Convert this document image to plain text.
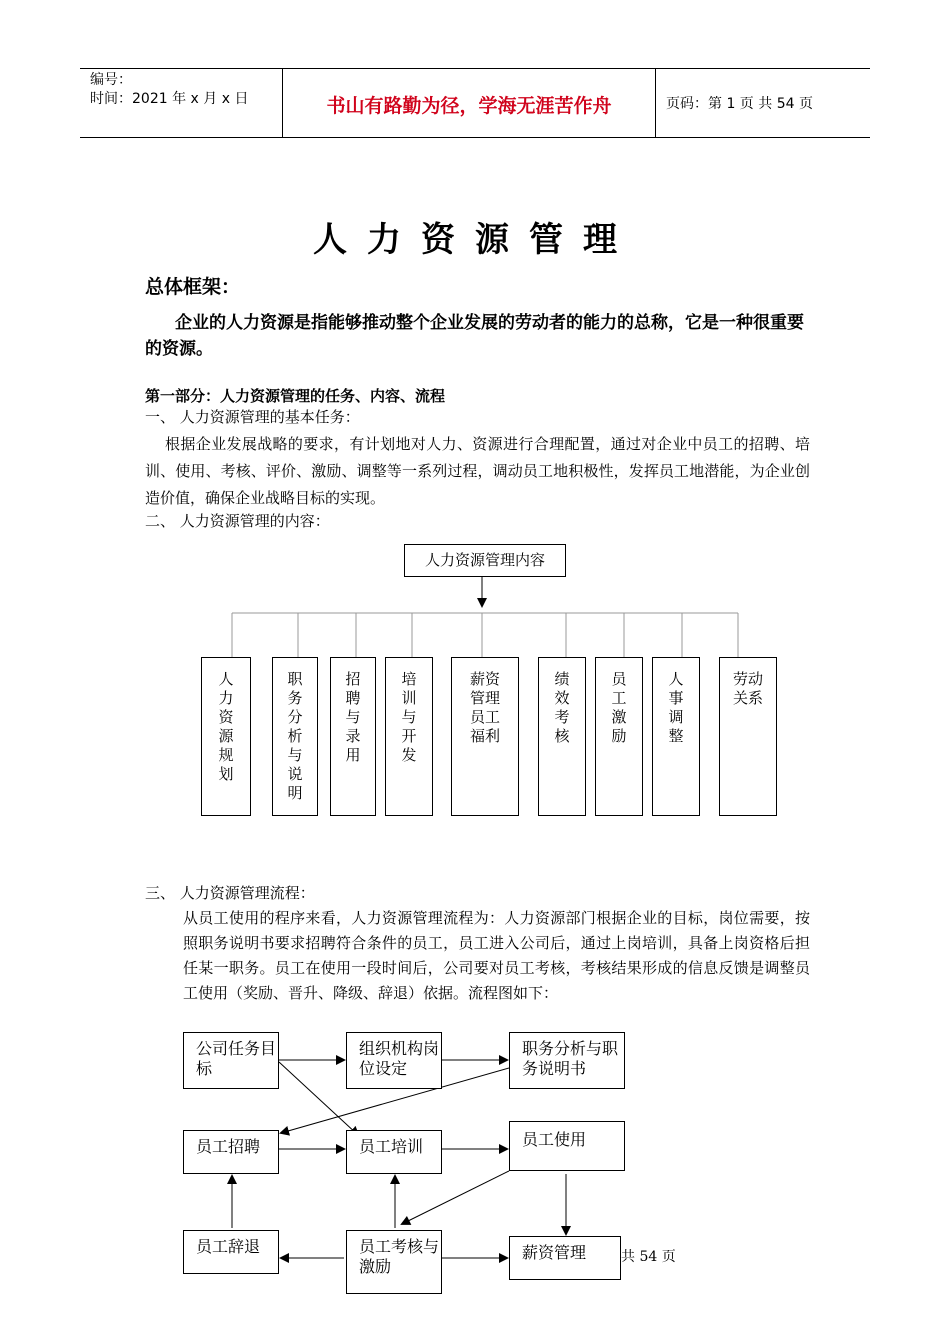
编号：
时间：2021 年 x 月 x 日	书山有路勤为径，学海无涯苦作舟	页码：第 1 页 共 54 页
人力资源管理
总体框架：
企业的人力资源是指能够推动整个企业发展的劳动者的能力的总称，它是一种很重要的资源。
第一部分：人力资源管理的任务、内容、流程
一、 人力资源管理的基本任务：
根据企业发展战略的要求，有计划地对人力、资源进行合理配置，通过对企业中员工的招聘、培训、使用、考核、评价、激励、调整等一系列过程，调动员工地积极性，发挥员工地潜能，为企业创造价值，确保企业战略目标的实现。
二、 人力资源管理的内容：
人力资源管理内容
人
力
资
源
规
划
职
务
分
析
与
说
明
招
聘
与
录
用
培
训
与
开
发
薪资
管理
员工
福利
绩
效
考
核
员
工
激
励
人
事
调
整
劳动
关系
三、 人力资源管理流程：
从员工使用的程序来看，人力资源管理流程为：人力资源部门根据企业的目标，岗位需要，按照职务说明书要求招聘符合条件的员工，员工进入公司后，通过上岗培训，具备上岗资格后担任某一职务。员工在使用一段时间后，公司要对员工考核，考核结果形成的信息反馈是调整员工使用（奖励、晋升、降级、辞退）依据。流程图如下：
公司任务目标
组织机构岗位设定
职务分析与职务说明书
员工招聘	员工培训	员工使用
员工辞退	员工考核与激励
薪资管理	共 54 页
